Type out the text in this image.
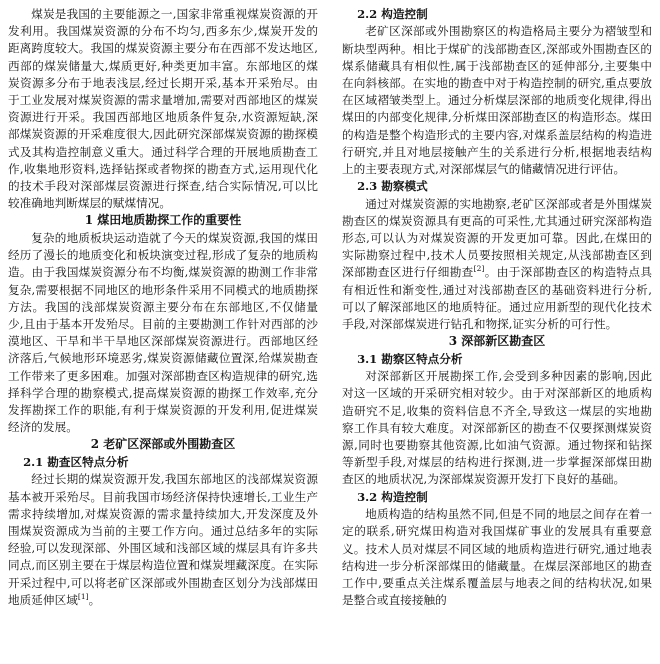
煤炭是我国的主要能源之一,国家非常重视煤炭资源的开发利用。我国煤炭资源的分布不均匀,西多东少,煤炭开发的距离跨度较大。我国的煤炭资源主要分布在西部不发达地区,西部的煤炭储量大,煤质更好,种类更加丰富。东部地区的煤炭资源多分布于地表浅层,经过长期开采,基本开采殆尽。由于工业发展对煤炭资源的需求量增加,需要对西部地区的煤炭资源进行开采。我国西部地区地质条件复杂,水资源短缺,深部煤炭资源的开采难度很大,因此研究深部煤炭资源的勘探模式及其构造控制意义重大。通过科学合理的开展地质勘查工作,收集地形资料,选择钻探或者物探的勘查方式,运用现代化的技术手段对深部煤层资源进行探查,结合实际情况,可以比较准确地判断煤层的赋煤情况。

1 煤田地质勘探工作的重要性

复杂的地质板块运动造就了今天的煤炭资源,我国的煤田经历了漫长的地质变化和板块演变过程,形成了复杂的地质构造。由于我国煤炭资源分布不均衡,煤炭资源的勘测工作非常复杂,需要根据不同地区的地形条件采用不同模式的地质勘探方法。我国的浅部煤炭资源主要分布在东部地区,不仅储量少,且由于基本开发殆尽。目前的主要勘测工作针对西部的沙漠地区、干旱和半干旱地区深部煤炭资源进行。西部地区经济落后,气候地形环境恶劣,煤炭资源储藏位置深,给煤炭勘查工作带来了更多困难。加强对深部勘查区构造规律的研究,选择科学合理的勘察模式,提高煤炭资源的勘探工作效率,充分发挥勘探工作的职能,有利于煤炭资源的开发利用,促进煤炭经济的发展。

2 老矿区深部或外围勘查区
2.1 勘查区特点分析

经过长期的煤炭资源开发,我国东部地区的浅部煤炭资源基本被开采殆尽。目前我国市场经济保持快速增长,工业生产需求持续增加,对煤炭资源的需求量持续加大,开发深度及外围煤炭资源成为当前的主要工作方向。通过总结多年的实际经验,可以发现深部、外围区域和浅部区域的煤层具有许多共同点,而区别主要在于煤层构造位置和煤炭埋藏深度。在实际开采过程中,可以将老矿区深部或外围勘查区划分为浅部煤田地质延伸区域[1]。

2.2 构造控制

老矿区深部或外围勘察区的构造格局主要分为褶皱型和断块型两种。相比于煤矿的浅部勘查区,深部或外围勘查区的煤系储藏具有相似性,属于浅部勘查区的延伸部分,主要集中在向斜核部。在实地的勘查中对于构造控制的研究,重点要放在区域褶皱类型上。通过分析煤层深部的地质变化规律,得出煤田的内部变化规律,分析煤田深部勘查区的构造形态。煤田的构造是整个构造形式的主要内容,对煤系盖层结构的构造进行研究,并且对地层接触产生的关系进行分析,根据地表结构上的主要表现方式,对深部煤层气的储藏情况进行评估。

2.3 勘察模式

通过对煤炭资源的实地勘察,老矿区深部或者是外围煤炭勘查区的煤炭资源具有更高的可采性,尤其通过研究深部构造形态,可以认为对煤炭资源的开发更加可靠。因此,在煤田的实际勘察过程中,技术人员要按照相关规定,从浅部勘查区到深部勘查区进行仔细勘查[2]。由于深部勘查区的构造特点具有相近性和渐变性,通过对浅部勘查区的基础资料进行分析,可以了解深部地区的地质特征。通过应用新型的现代化技术手段,对深部煤炭进行钻孔和物探,证实分析的可行性。

3 深部新区勘查区
3.1 勘察区特点分析

对深部新区开展勘探工作,会受到多种因素的影响,因此对这一区域的开采研究相对较少。由于对深部新区的地质构造研究不足,收集的资料信息不齐全,导致这一煤层的实地勘察工作具有较大难度。对深部新区的勘查不仅要探测煤炭资源,同时也要勘察其他资源,比如油气资源。通过物探和钻探等新型手段,对煤层的结构进行探测,进一步掌握深部煤田勘查区的地质状况,为深部煤炭资源开发打下良好的基础。

3.2 构造控制

地质构造的结构虽然不同,但是不同的地层之间存在着一定的联系,研究煤田构造对我国煤矿事业的发展具有重要意义。技术人员对煤层不同区域的地质构造进行研究,通过地表结构进一步分析深部煤田的储藏量。在煤层深部地区的勘查工作中,要重点关注煤系覆盖层与地表之间的结构状况,如果是整合或直接接触的
